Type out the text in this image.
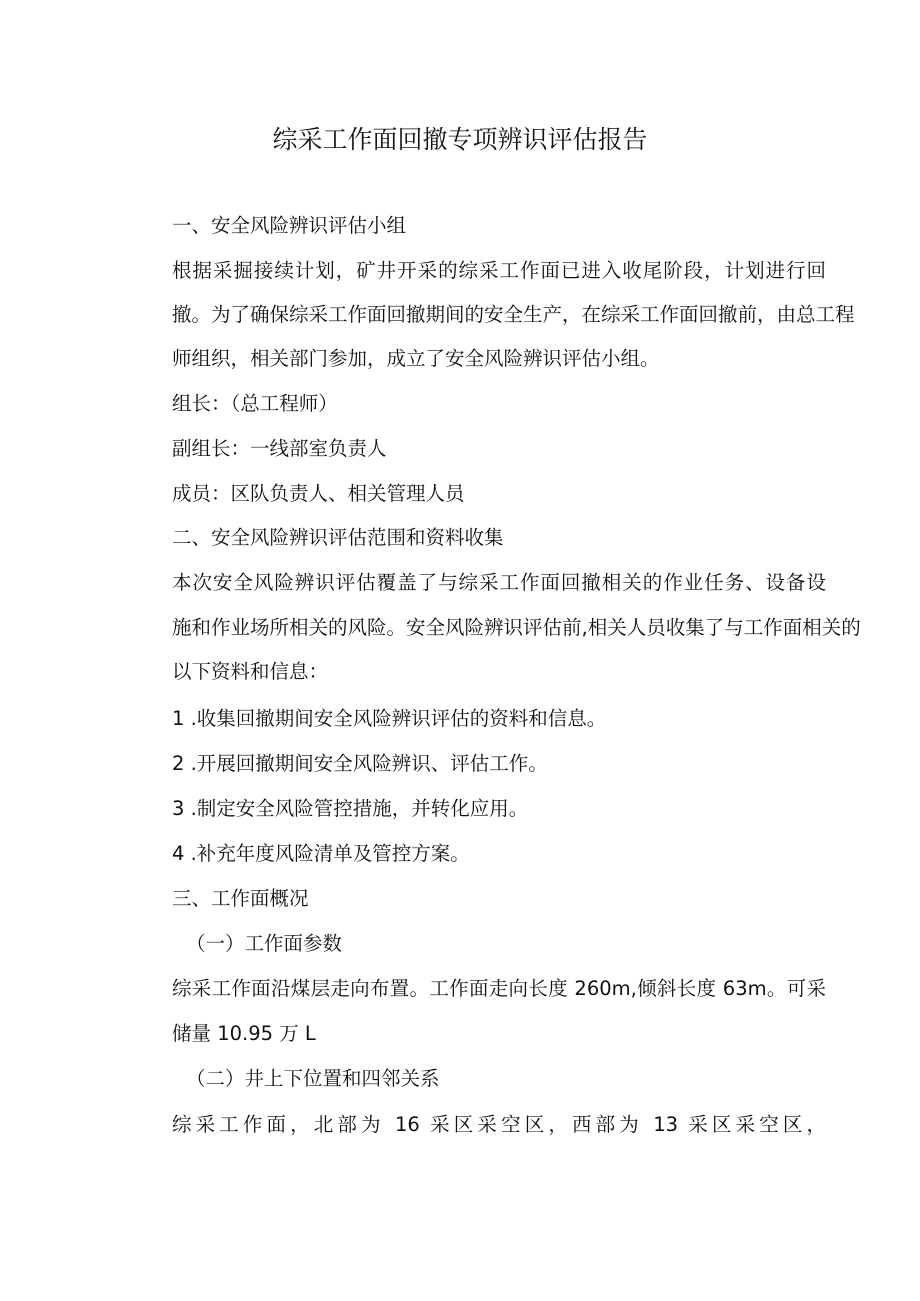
综采工作面回撤专项辨识评估报告
一、安全风险辨识评估小组
根据采掘接续计划，矿井开采的综采工作面已进入收尾阶段，计划进行回
撤。为了确保综采工作面回撤期间的安全生产，在综采工作面回撤前，由总工程
师组织，相关部门参加，成立了安全风险辨识评估小组。
组长：（总工程师）
副组长：一线部室负责人
成员：区队负责人、相关管理人员
二、安全风险辨识评估范围和资料收集
本次安全风险辨识评估覆盖了与综采工作面回撤相关的作业任务、设备设
施和作业场所相关的风险。安全风险辨识评估前,相关人员收集了与工作面相关的
以下资料和信息：
1 .收集回撤期间安全风险辨识评估的资料和信息。
2 .开展回撤期间安全风险辨识、评估工作。
3 .制定安全风险管控措施，并转化应用。
4 .补充年度风险清单及管控方案。
三、工作面概况
（一）工作面参数
综采工作面沿煤层走向布置。工作面走向长度 260m,倾斜长度 63m。可采
储量 10.95 万 L
（二）井上下位置和四邻关系
综采工作面，北部为 16 采区采空区，西部为 13 采区采空区，
